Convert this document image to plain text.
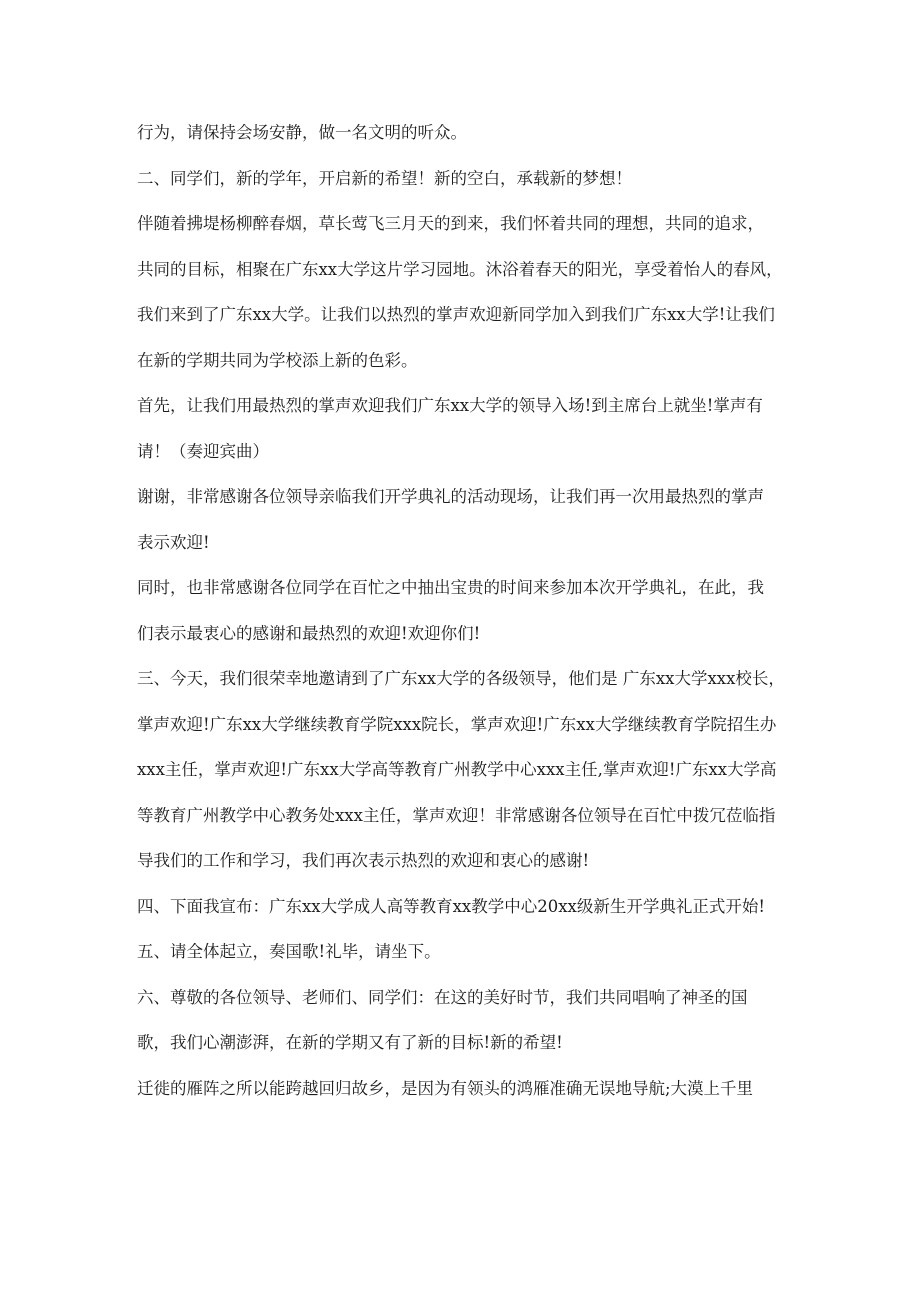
行为，请保持会场安静，做一名文明的听众。
二、同学们，新的学年，开启新的希望！新的空白，承载新的梦想！
伴随着拂堤杨柳醉春烟，草长莺飞三月天的到来，我们怀着共同的理想，共同的追求，
共同的目标，相聚在广东xx大学这片学习园地。沐浴着春天的阳光，享受着怡人的春风，
我们来到了广东xx大学。让我们以热烈的掌声欢迎新同学加入到我们广东xx大学!让我们
在新的学期共同为学校添上新的色彩。
首先，让我们用最热烈的掌声欢迎我们广东xx大学的领导入场!到主席台上就坐!掌声有
请！（奏迎宾曲）
谢谢，非常感谢各位领导亲临我们开学典礼的活动现场，让我们再一次用最热烈的掌声
表示欢迎!
同时，也非常感谢各位同学在百忙之中抽出宝贵的时间来参加本次开学典礼，在此，我
们表示最衷心的感谢和最热烈的欢迎!欢迎你们!
三、今天，我们很荣幸地邀请到了广东xx大学的各级领导，他们是 广东xx大学xxx校长，
掌声欢迎!广东xx大学继续教育学院xxx院长，掌声欢迎!广东xx大学继续教育学院招生办
xxx主任，掌声欢迎!广东xx大学高等教育广州教学中心xxx主任,掌声欢迎!广东xx大学高
等教育广州教学中心教务处xxx主任，掌声欢迎！非常感谢各位领导在百忙中拨冗莅临指
导我们的工作和学习，我们再次表示热烈的欢迎和衷心的感谢!
四、下面我宣布：广东xx大学成人高等教育xx教学中心20xx级新生开学典礼正式开始!
五、请全体起立，奏国歌!礼毕，请坐下。
六、尊敬的各位领导、老师们、同学们：在这的美好时节，我们共同唱响了神圣的国
歌，我们心潮澎湃，在新的学期又有了新的目标!新的希望!
迁徙的雁阵之所以能跨越回归故乡，是因为有领头的鸿雁准确无误地导航;大漠上千里
